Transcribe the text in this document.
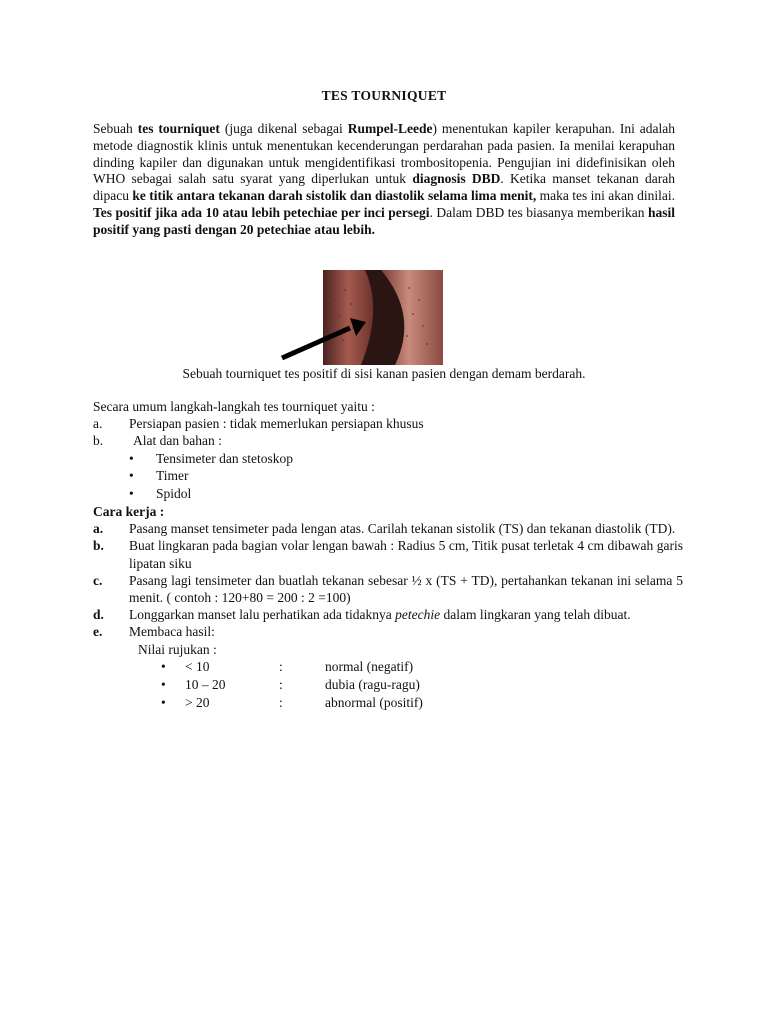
TES TOURNIQUET

Sebuah tes tourniquet (juga dikenal sebagai Rumpel-Leede) menentukan kapiler kerapuhan. Ini adalah metode diagnostik klinis untuk menentukan kecenderungan perdarahan pada pasien. Ia menilai kerapuhan dinding kapiler dan digunakan untuk mengidentifikasi trombositopenia. Pengujian ini didefinisikan oleh WHO sebagai salah satu syarat yang diperlukan untuk diagnosis DBD. Ketika manset tekanan darah dipacu ke titik antara tekanan darah sistolik dan diastolik selama lima menit, maka tes ini akan dinilai. Tes positif jika ada 10 atau lebih petechiae per inci persegi. Dalam DBD tes biasanya memberikan hasil positif yang pasti dengan 20 petechiae atau lebih.

Sebuah tourniquet tes positif di sisi kanan pasien dengan demam berdarah.
Secara umum langkah-langkah tes tourniquet yaitu :
a. Persiapan pasien : tidak memerlukan persiapan khusus
b. Alat dan bahan :
• Tensimeter dan stetoskop
• Timer
• Spidol
Cara kerja :
a. Pasang manset tensimeter pada lengan atas. Carilah tekanan sistolik (TS) dan tekanan diastolik (TD).
b. Buat lingkaran pada bagian volar lengan bawah : Radius 5 cm, Titik pusat terletak 4 cm dibawah garis lipatan siku
c. Pasang lagi tensimeter dan buatlah tekanan sebesar ½ x (TS + TD), pertahankan tekanan ini selama 5 menit. ( contoh : 120+80 = 200 : 2 =100)
d. Longgarkan manset lalu perhatikan ada tidaknya petechie dalam lingkaran yang telah dibuat.
e. Membaca hasil:
Nilai rujukan :
• < 10	:	normal (negatif)
• 10 – 20	:	dubia (ragu-ragu)
• > 20	:	abnormal (positif)
